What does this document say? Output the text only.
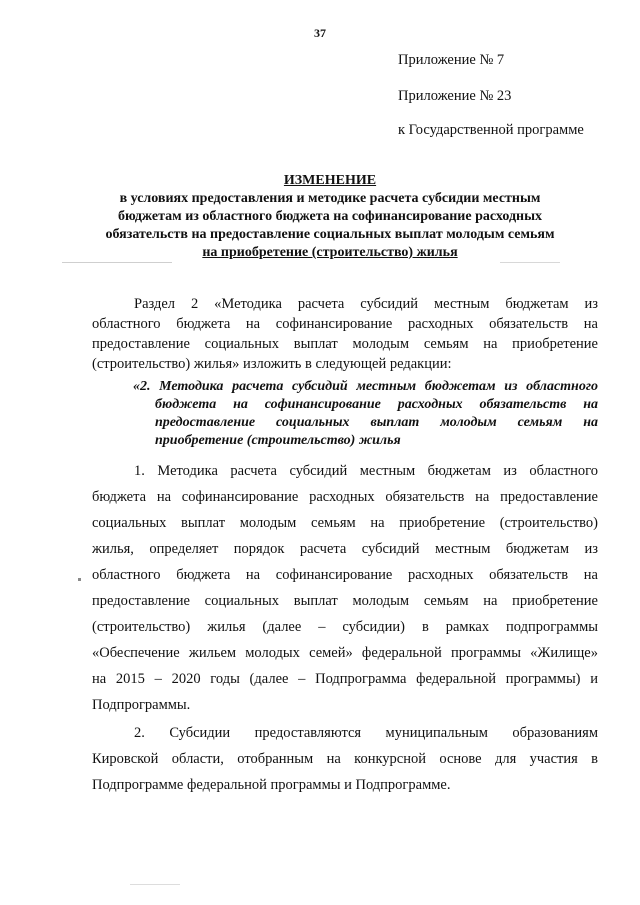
37
Приложение № 7
Приложение № 23
к Государственной программе
ИЗМЕНЕНИЕ
в условиях предоставления и методике расчета субсидии местным
бюджетам из областного бюджета на софинансирование расходных
обязательств на предоставление социальных выплат молодым семьям
на приобретение (строительство) жилья
Раздел 2 «Методика расчета субсидий местным бюджетам из
областного бюджета на софинансирование расходных обязательств на
предоставление социальных выплат молодым семьям на приобретение
(строительство) жилья» изложить в следующей редакции:
«2. Методика расчета субсидий местным бюджетам из областного
бюджета на софинансирование расходных обязательств на
предоставление социальных выплат молодым семьям на
приобретение (строительство) жилья
1. Методика расчета субсидий местным бюджетам из областного
бюджета на софинансирование расходных обязательств на предоставление
социальных выплат молодым семьям на приобретение (строительство)
жилья, определяет порядок расчета субсидий местным бюджетам из
областного бюджета на софинансирование расходных обязательств на
предоставление социальных выплат молодым семьям на приобретение
(строительство) жилья (далее – субсидии) в рамках подпрограммы
«Обеспечение жильем молодых семей» федеральной программы «Жилище»
на 2015 – 2020 годы (далее – Подпрограмма федеральной программы) и
Подпрограммы.
2. Субсидии предоставляются муниципальным образованиям
Кировской области, отобранным на конкурсной основе для участия в
Подпрограмме федеральной программы и Подпрограмме.
